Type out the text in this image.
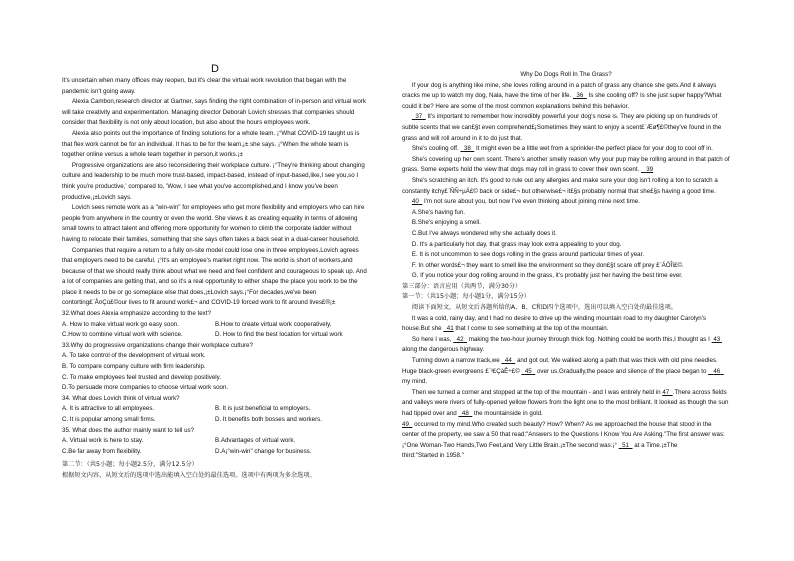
D

It's uncertain when many offices may reopen, but it's clear the virtual work revolution that began with the pandemic isn't going away.

Alexia Cambon,research director at Gartner, says finding the right combination of in-person and virtual work will take creativity and experimentation. Managing director Deborah Lovich stresses that companies should consider that flexibility is not only about location, but also about the hours employees work.

Alexia also points out the importance of finding solutions for a whole team. ¡°What COVID-19 taught us is that flex work cannot be for an individual. It has to be for the team,¡± she says. ¡°When the whole team is together online versus a whole team together in person,it works.¡±

Progressive organizations are also reconsidering their workplace culture. ¡°They're thinking about changing culture and leadership to be much more trust-based, impact-based, instead of input-based,like,I see you,so I think you're productive,' compared to, 'Wow, I see what you've accomplished,and I know you've been productive,¡±Lovich says.

Lovich sees remote work as a "win-win" for employees who get more flexibility and employers who can hire people from anywhere in the country or even the world. She views it as creating equality in terms of allowing small towns to attract talent and offering more opportunity for women to climb the corporate ladder without having to relocate their families, something that she says often takes a back seat in a dual-career household.

Companies that require a return to a fully on-site model could lose one in three employees.Lovich agrees that employers need to be careful. ¡°It's an employee's market right now. The world is short of workers,and because of that we should really think about what we need and feel confident and courageous to speak up. And a lot of companies are getting that, and so it's a real opportunity to either shape the place you work to be the place it needs to be or go someplace else that does,¡±Lovich says.¡°For decades,we've been contorting£¨Å¤Çú£©our lives to fit around work£¬ and COVID-19 forced work to fit around lives£®¡±

32.What does Alexia emphasize according to the text?

A. How to make virtual work go easy soon.	B.How to create virtual work cooperatively.
C.How to combine virtual work with science.	D. How to find the best location for virtual work

33.Why do progressive organizations change their workplace culture?

A. To take control of the development of virtual work.

B. To compare company culture with firm leadership.

C. To make employees feel trusted and develop positively.

D.To persuade more companies to choose virtual work soon.

34. What does Lovich think of virtual work?

A. It is attractive to all employees.	B. It is just beneficial to employers.
C. It is popular among small firms.	D. It benefits both bosses and workers.

35. What does the author mainly want to tell us?

A. Virtual work is here to stay.	B.Advantages of virtual work.
C.Be far away from flexibility.	D.A¡°win-win" change for business.

第二节：（共5小题；每小题2.5分，满分12.5分）

根据短文内容，从短文后的选项中选出能填入空白处的最佳选项。选项中有两项为多余选项。

Why Do Dogs Roll In The Grass?

If your dog is anything like mine, she loves rolling around in a patch of grass any chance she gets.And it always cracks me up to watch my dog, Nala, have the time of her life. 36 Is she cooling off? Is she just super happy?What could it be? Here are some of the most common explanations behind this behavior.

37 It's important to remember how incredibly powerful your dog's nose is. They are picking up on hundreds of subtle scents that we can£§t even comprehend£¡Sometimes they want to enjoy a scent£¨Æø¶£©they've found in the grass and will roll around in it to do just that.

She's cooling off. 38 It might even be a little wet from a sprinkler-the perfect place for your dog to cool off in.

She's covering up her own scent. There's another smelly reason why your pup may be rolling around in that patch of grass. Some experts hold the view that dogs may roll in grass to cover their own scent. 39

She's scratching an itch. It's good to rule out any allergies and make sure your dog isn't rolling a ton to scratch a constantly itchy£¨ÑÑ÷µÄ£© back or side£¬ but otherwise£¬ it£§s probably normal that she£§s having a good time.

40 I'm not sure about you, but now I've even thinking about joining mine next time.

A.She's having fun.

B.She's enjoying a smell.

C.But I've always wondered why she actually does it.

D. It's a particularly hot day, that grass may look extra appealing to your dog.

E. It is not uncommon to see dogs rolling in the grass around particular times of year.

F. In other words£¬ they want to smell like the environment so they don£§t scare off prey £¨ÁÔÎï£©.

G. If you notice your dog rolling around in the grass, it's probably just her having the best time ever.

第三部分：语言应用（共两节，满分30分）

第一节：（共15小题；每小题1分，满分15分）

阅读下面短文，从短文后各题所给的A、B、C和D四个选项中，选出可以填入空白处的最佳选项。

It was a cold, rainy day, and I had no desire to drive up the winding mountain road to my daughter Carolyn's house.But she 41 that I come to see something at the top of the mountain.

So here I was, 42 making the two-hour journey through thick fog. Nothing could be worth this,I thought as I 43  along the dangerous highway.

Turning down a narrow track,we 44 and got out. We walked along a path that was thick with old pine needles. Huge black-green evergreens £¨³£ÇàÊ÷£© 45 over us.Gradually,the peace and silence of the place began to 46   my mind.

Then we turned a corner and stopped at the top of the mountain - and I was entirely held in 47 .There across fields and valleys were rivers of fully-opened yellow flowers from the light one to the most brilliant. It looked as though the sun had tipped over and 48 the mountainside in gold.

49 occurred to my mind.Who created such beauty? How? When? As we approached the house that stood in the center of the property, we saw a 50 that read:"Answers to the Questions I Know You Are Asking."The first answer was:¡°One Woman-Two Hands,Two Feet,and Very Little Brain.¡±The second was:¡° 51 at a Time.¡±The

third:"Started in 1958."
